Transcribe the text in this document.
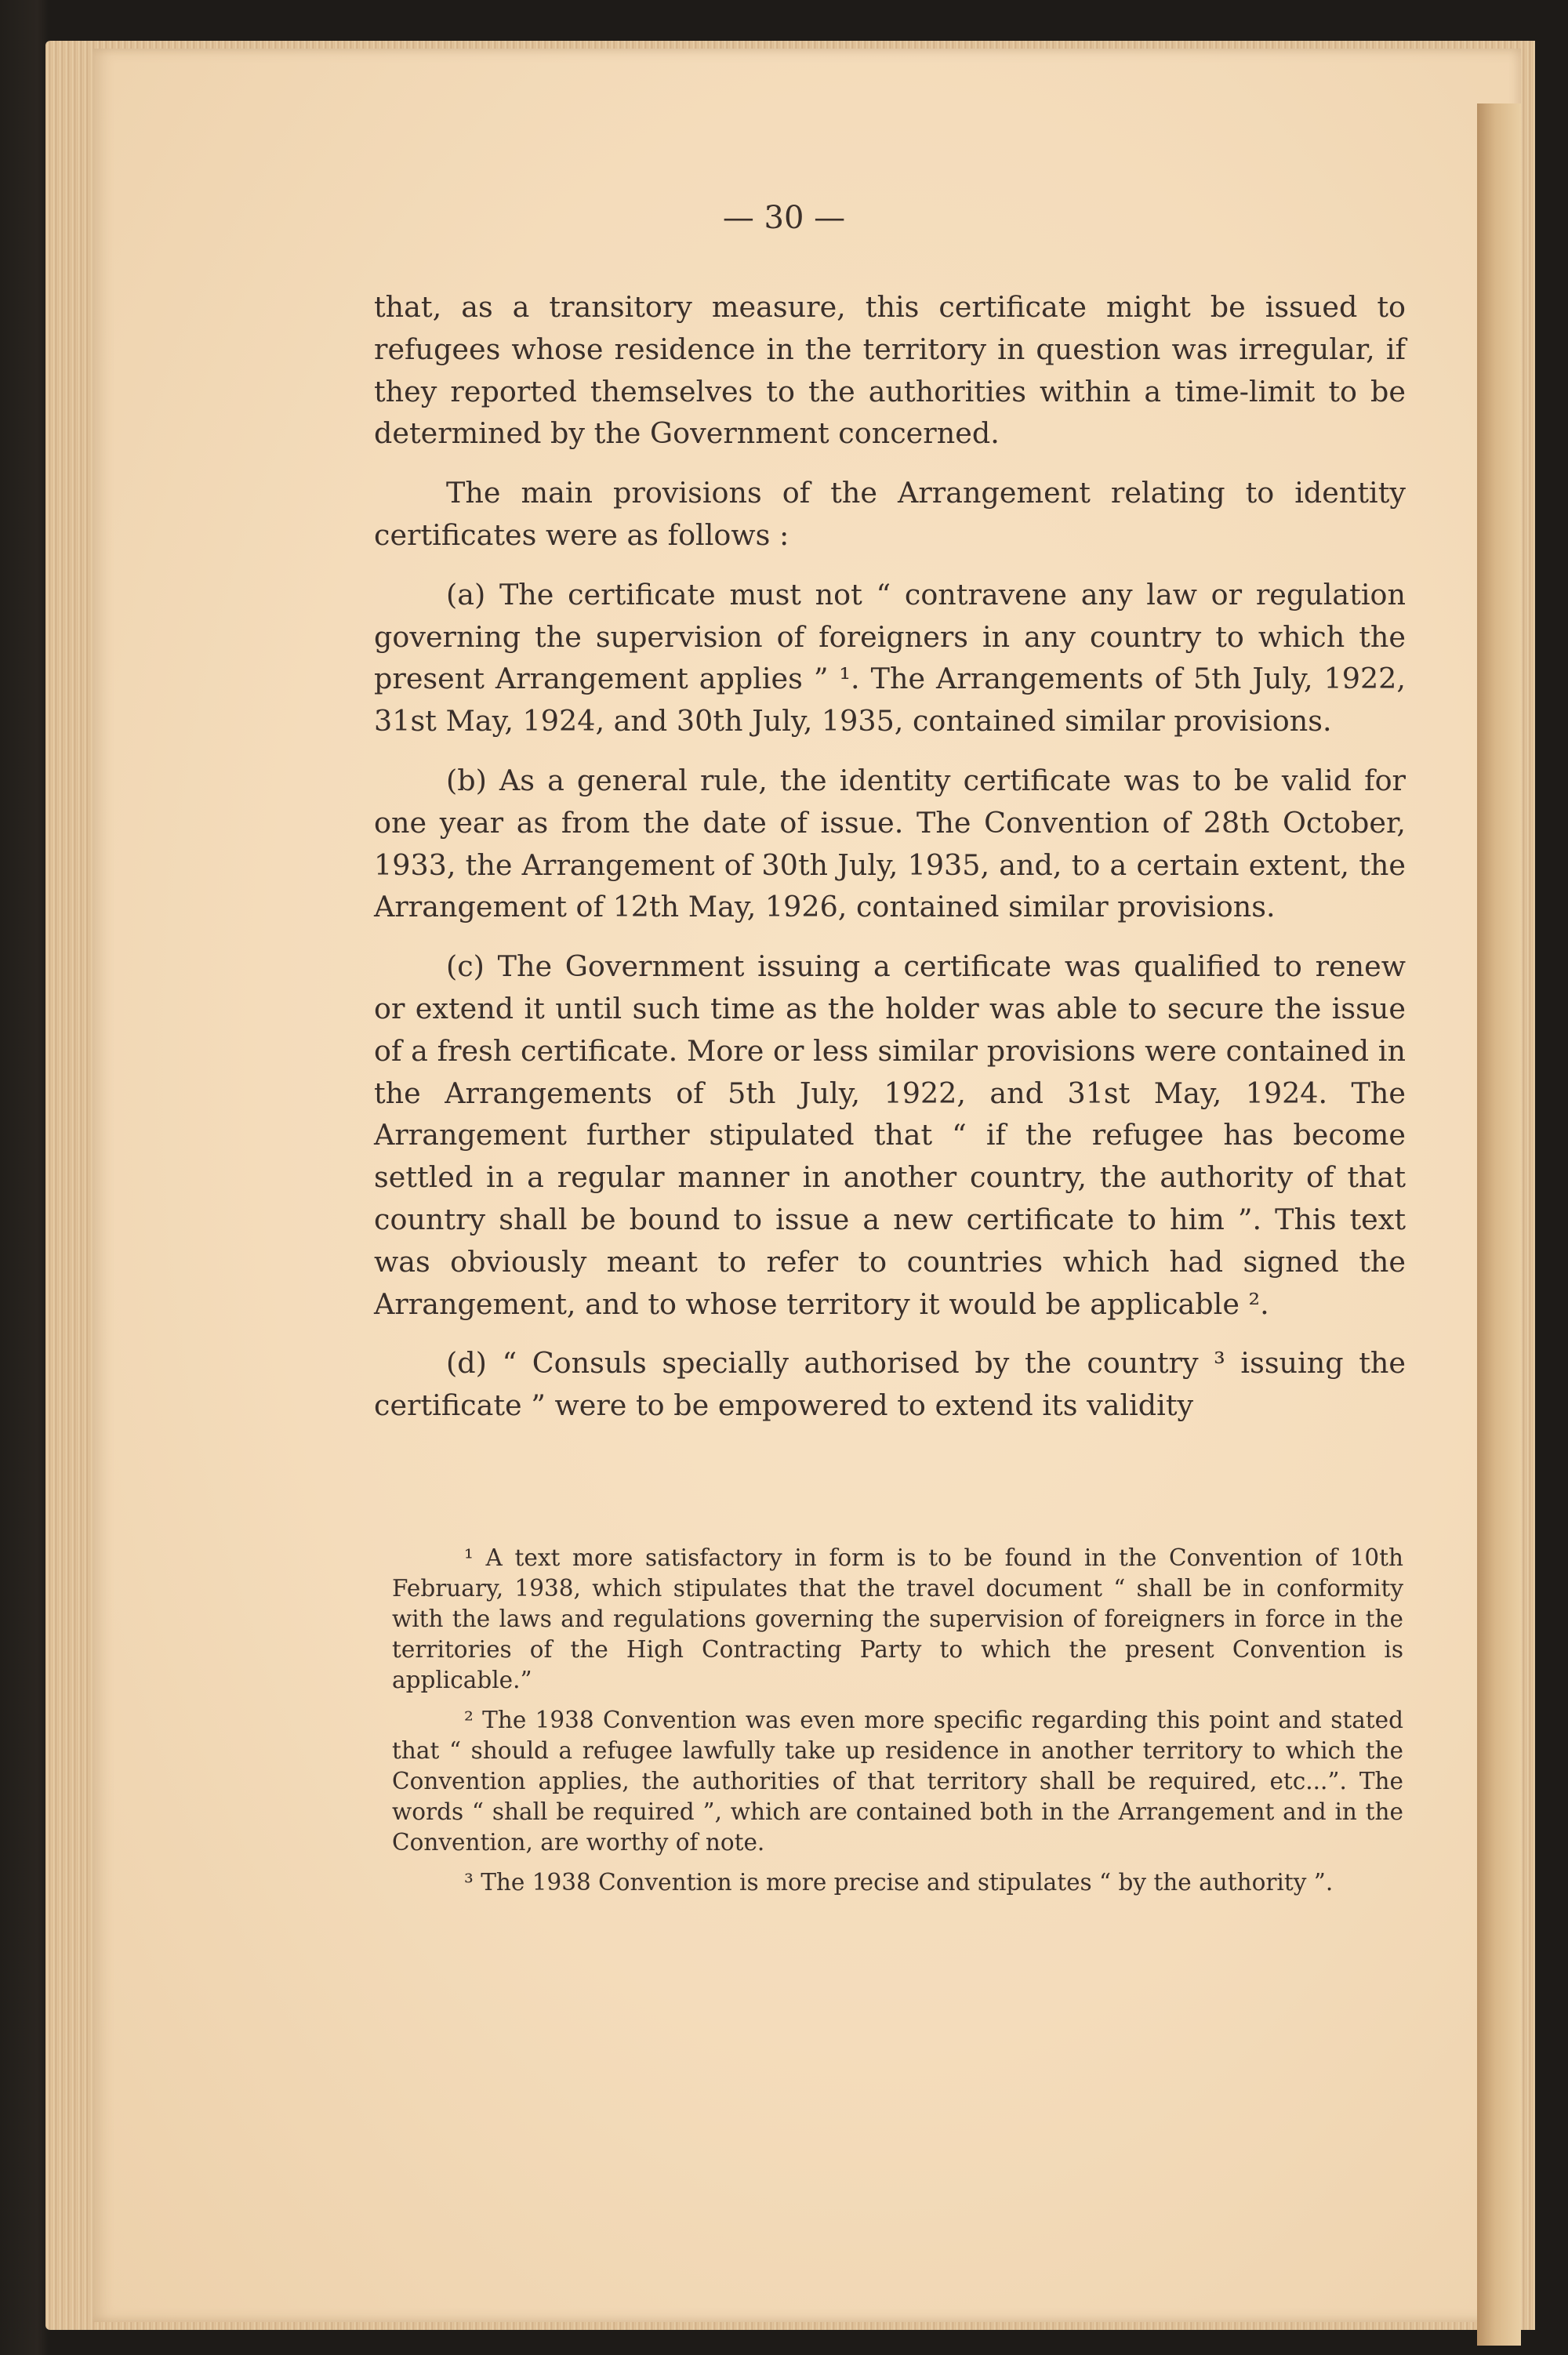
— 30 —

that, as a transitory measure, this certificate might be issued to refugees whose residence in the territory in question was irregular, if they reported themselves to the authorities within a time-limit to be determined by the Government concerned.

The main provisions of the Arrangement relating to identity certificates were as follows :

(a) The certificate must not “ contravene any law or regulation governing the supervision of foreigners in any country to which the present Arrangement applies ” ¹. The Arrangements of 5th July, 1922, 31st May, 1924, and 30th July, 1935, contained similar provisions.

(b) As a general rule, the identity certificate was to be valid for one year as from the date of issue. The Convention of 28th October, 1933, the Arrangement of 30th July, 1935, and, to a certain extent, the Arrangement of 12th May, 1926, contained similar provisions.

(c) The Government issuing a certificate was qualified to renew or extend it until such time as the holder was able to secure the issue of a fresh certificate. More or less similar provisions were contained in the Arrangements of 5th July, 1922, and 31st May, 1924. The Arrangement further stipulated that “ if the refugee has become settled in a regular manner in another country, the authority of that country shall be bound to issue a new certificate to him ”. This text was obviously meant to refer to countries which had signed the Arrangement, and to whose territory it would be applicable ².

(d) “ Consuls specially authorised by the country ³ issuing the certificate ” were to be empowered to extend its validity

¹ A text more satisfactory in form is to be found in the Convention of 10th February, 1938, which stipulates that the travel document “ shall be in conformity with the laws and regulations governing the supervision of foreigners in force in the territories of the High Contracting Party to which the present Convention is applicable.”

² The 1938 Convention was even more specific regarding this point and stated that “ should a refugee lawfully take up residence in another territory to which the Convention applies, the authorities of that territory shall be required, etc...”. The words “ shall be required ”, which are contained both in the Arrangement and in the Convention, are worthy of note.

³ The 1938 Convention is more precise and stipulates “ by the authority ”.
